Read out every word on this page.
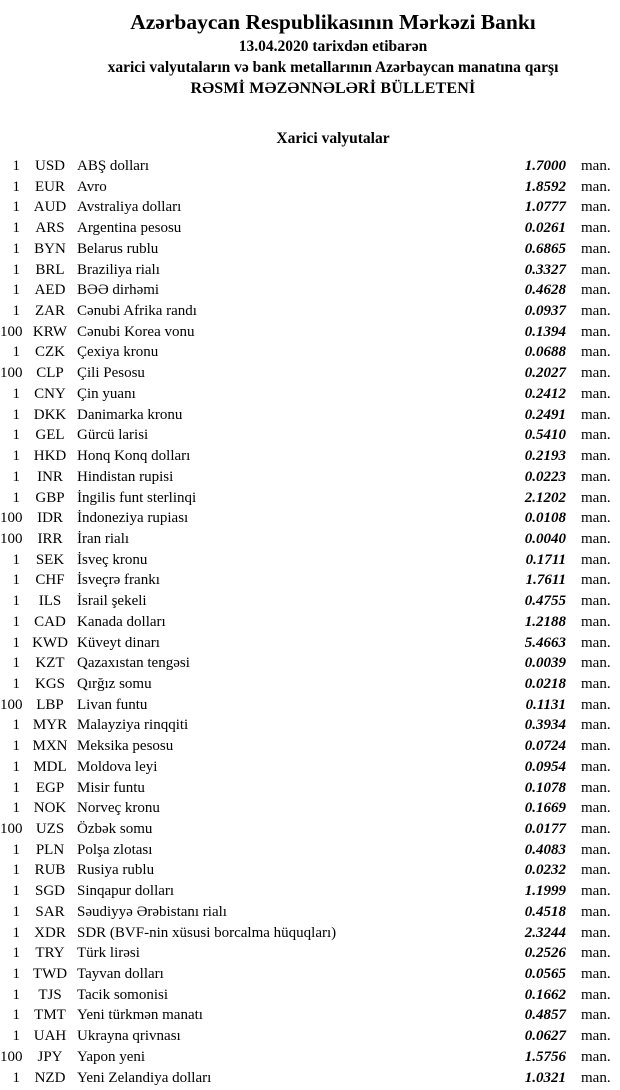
Azərbaycan Respublikasının Mərkəzi Bankı
13.04.2020 tarixdən etibarən
xarici valyutaların və bank metallarının Azərbaycan manatına qarşı
RƏSMİ MƏZƏNNƏLƏRİ BÜLLETENİ
Xarici valyutalar
1 USD ABŞ dolları	1.7000 man.
1	EUR Avro	1.8592 man.
1 AUD Avstraliya dolları	1.0777 man.
1	ARS Argentina pesosu	0.0261 man.
1 BYN Belarus rublu	0.6865 man.
1	BRL Braziliya rialı	0.3327 man.
1 AED BƏƏ dirhəmi	0.4628 man.
1	ZAR Cənubi Afrika randı	0.0937 man.
100 KRW Cənubi Korea vonu	0.1394 man.
1	CZK Çexiya kronu	0.0688 man.
100 CLP Çili Pesosu	0.2027 man.
1 CNY Çin yuanı	0.2412 man.
1 DKK Danimarka kronu	0.2491 man.
1	GEL Gürcü larisi	0.5410 man.
1 HKD Honq Konq dolları	0.2193 man.
1	INR Hindistan rupisi	0.0223 man.
1	GBP İngilis funt sterlinqi	2.1202 man.
100 IDR İndoneziya rupiası	0.0108 man.
100 IRR İran rialı	0.0040 man.
1	SEK İsveç kronu	0.1711 man.
1	CHF İsveçrə frankı	1.7611 man.
1	ILS	İsrail şekeli	0.4755 man.
1 CAD Kanada dolları	1.2188 man.
1 KWD Küveyt dinarı	5.4663 man.
1	KZT Qazaxıstan tengəsi	0.0039 man.
1 KGS Qırğız somu	0.0218 man.
100 LBP Livan funtu	0.1131 man.
1 MYR Malayziya rinqqiti	0.3934 man.
1 MXN Meksika pesosu	0.0724 man.
1 MDL Moldova leyi	0.0954 man.
1	EGP Misir funtu	0.1078 man.
1 NOK Norveç kronu	0.1669 man.
100 UZS Özbək somu	0.0177 man.
1	PLN Polşa zlotası	0.4083 man.
1 RUB Rusiya rublu	0.0232 man.
1 SGD Sinqapur dolları	1.1999 man.
1	SAR Səudiyyə Ərəbistanı rialı	0.4518 man.
1 XDR SDR (BVF-nin xüsusi borcalma hüquqları)	2.3244 man.
1	TRY Türk lirəsi	0.2526 man.
1 TWD Tayvan dolları	0.0565 man.
1	TJS	Tacik somonisi	0.1662 man.
1 TMT Yeni türkmən manatı	0.4857 man.
1 UAH Ukrayna qrivnası	0.0627 man.
100 JPY Yapon yeni	1.5756 man.
1 NZD Yeni Zelandiya dolları	1.0321 man.
